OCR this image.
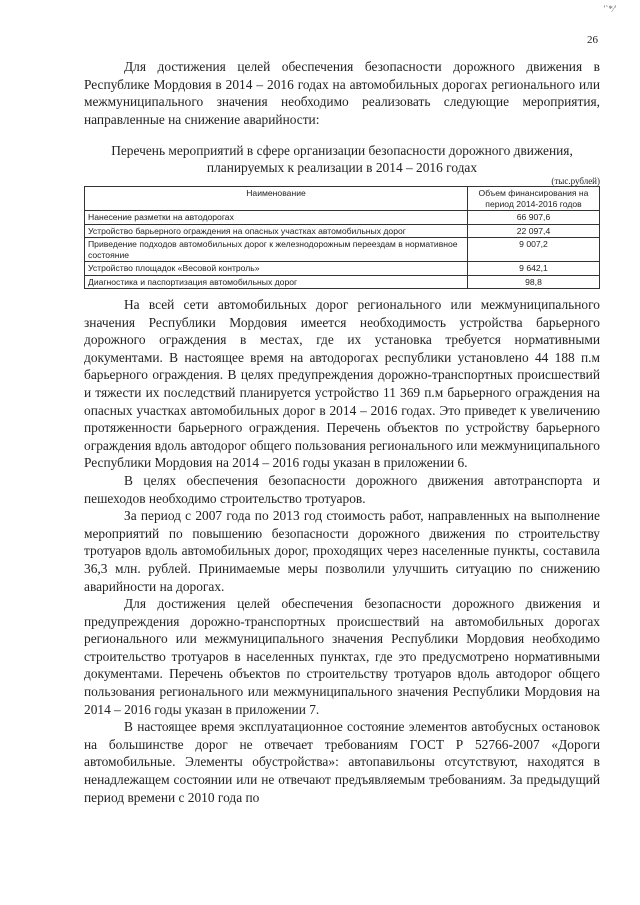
'`*⁄'
26

Для достижения целей обеспечения безопасности дорожного движения в Республике Мордовия в 2014 – 2016 годах на автомобильных дорогах регионального или межмуниципального значения необходимо реализовать следующие мероприятия, направленные на снижение аварийности:

Перечень мероприятий в сфере организации безопасности дорожного движения, планируемых к реализации в 2014 – 2016 годах
(тыс.рублей)
Наименование	Объем финансирования на период 2014-2016 годов
Нанесение разметки на автодорогах	66 907,6
Устройство барьерного ограждения на опасных участках автомобильных дорог	22 097,4
Приведение подходов автомобильных дорог к железнодорожным переездам в нормативное состояние	9 007,2
Устройство площадок «Весовой контроль»	9 642,1
Диагностика и паспортизация автомобильных дорог	98,8

На всей сети автомобильных дорог регионального или межмуниципального значения Республики Мордовия имеется необходимость устройства барьерного дорожного ограждения в местах, где их установка требуется нормативными документами. В настоящее время на автодорогах республики установлено 44 188 п.м барьерного ограждения. В целях предупреждения дорожно-транспортных происшествий и тяжести их последствий планируется устройство 11 369 п.м барьерного ограждения на опасных участках автомобильных дорог в 2014 – 2016 годах. Это приведет к увеличению протяженности барьерного ограждения. Перечень объектов по устройству барьерного ограждения вдоль автодорог общего пользования регионального или межмуниципального Республики Мордовия на 2014 – 2016 годы указан в приложении 6.

В целях обеспечения безопасности дорожного движения автотранспорта и пешеходов необходимо строительство тротуаров.

За период с 2007 года по 2013 год стоимость работ, направленных на выполнение мероприятий по повышению безопасности дорожного движения по строительству тротуаров вдоль автомобильных дорог, проходящих через населенные пункты, составила 36,3 млн. рублей. Принимаемые меры позволили улучшить ситуацию по снижению аварийности на дорогах.

Для достижения целей обеспечения безопасности дорожного движения и предупреждения дорожно-транспортных происшествий на автомобильных дорогах регионального или межмуниципального значения Республики Мордовия необходимо строительство тротуаров в населенных пунктах, где это предусмотрено нормативными документами. Перечень объектов по строительству тротуаров вдоль автодорог общего пользования регионального или межмуниципального значения Республики Мордовия на 2014 – 2016 годы указан в приложении 7.

В настоящее время эксплуатационное состояние элементов автобусных остановок на большинстве дорог не отвечает требованиям ГОСТ Р 52766-2007 «Дороги автомобильные. Элементы обустройства»: автопавильоны отсутствуют, находятся в ненадлежащем состоянии или не отвечают предъявляемым требованиям. За предыдущий период времени с 2010 года по
